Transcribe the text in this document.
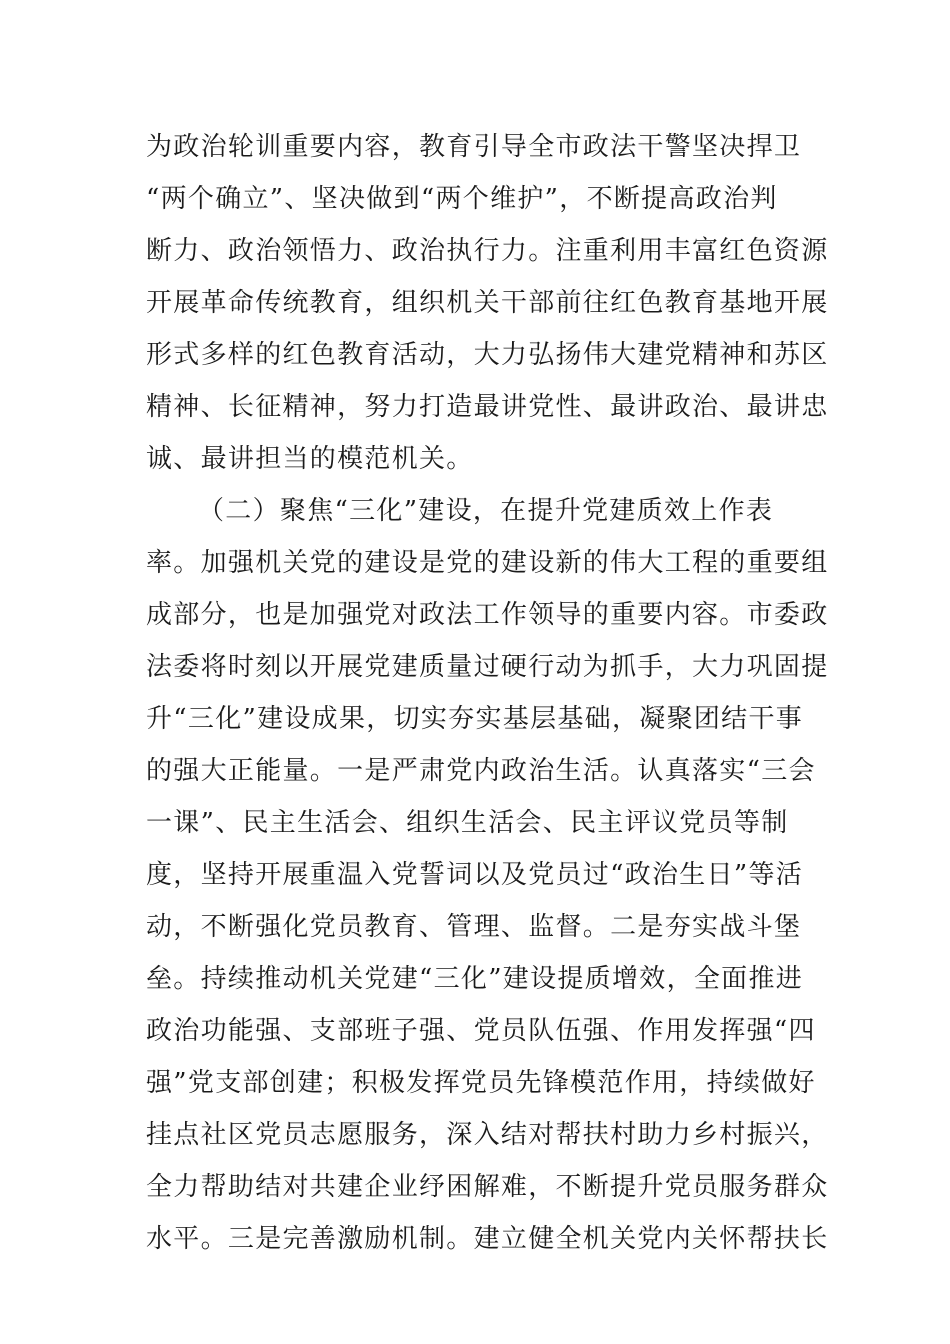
为政治轮训重要内容，教育引导全市政法干警坚决捍卫
“两个确立”、坚决做到“两个维护”，不断提高政治判
断力、政治领悟力、政治执行力。注重利用丰富红色资源
开展革命传统教育，组织机关干部前往红色教育基地开展
形式多样的红色教育活动，大力弘扬伟大建党精神和苏区
精神、长征精神，努力打造最讲党性、最讲政治、最讲忠
诚、最讲担当的模范机关。
（二）聚焦“三化”建设，在提升党建质效上作表
率。加强机关党的建设是党的建设新的伟大工程的重要组
成部分，也是加强党对政法工作领导的重要内容。市委政
法委将时刻以开展党建质量过硬行动为抓手，大力巩固提
升“三化”建设成果，切实夯实基层基础，凝聚团结干事
的强大正能量。一是严肃党内政治生活。认真落实“三会
一课”、民主生活会、组织生活会、民主评议党员等制
度，坚持开展重温入党誓词以及党员过“政治生日”等活
动，不断强化党员教育、管理、监督。二是夯实战斗堡
垒。持续推动机关党建“三化”建设提质增效，全面推进
政治功能强、支部班子强、党员队伍强、作用发挥强“四
强”党支部创建；积极发挥党员先锋模范作用，持续做好
挂点社区党员志愿服务，深入结对帮扶村助力乡村振兴，
全力帮助结对共建企业纾困解难，不断提升党员服务群众
水平。三是完善激励机制。建立健全机关党内关怀帮扶长
